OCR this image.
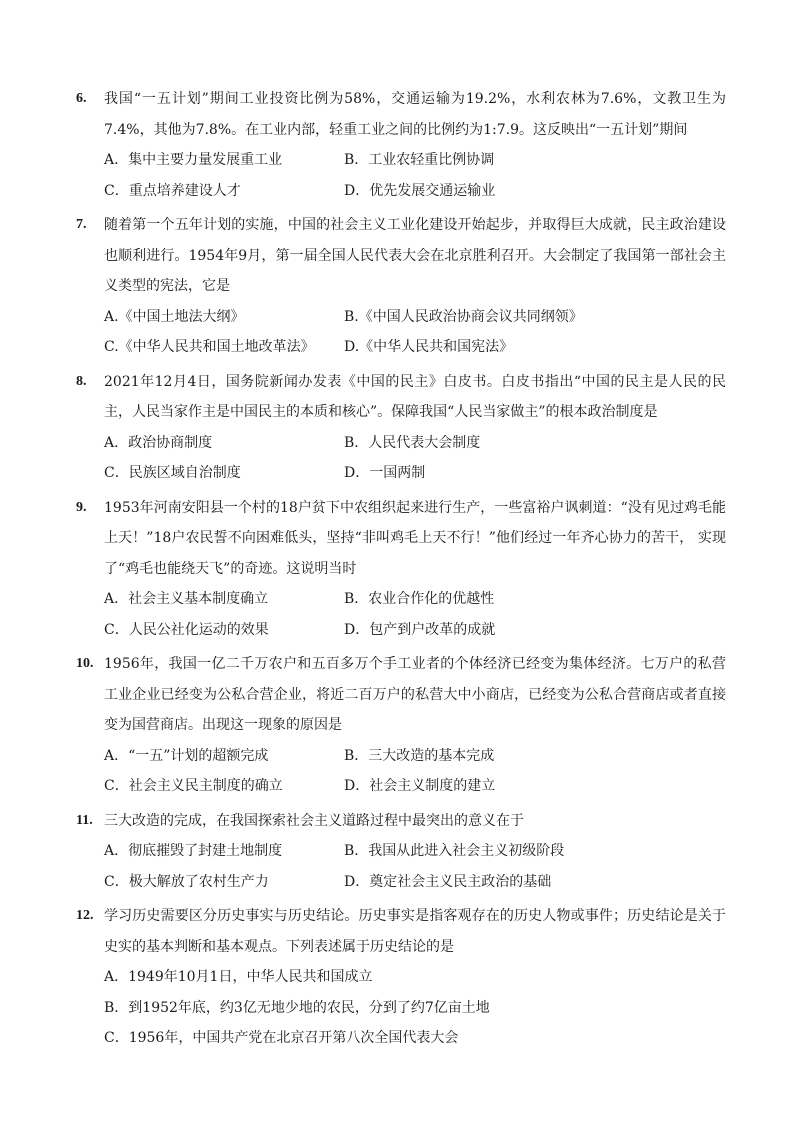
6. 我国“一五计划”期间工业投资比例为58%，交通运输为19.2%，水利农林为7.6%，文教卫生为7.4%，其他为7.8%。在工业内部，轻重工业之间的比例约为1:7.9。这反映出“一五计划”期间

A．集中主要力量发展重工业	B．工业农轻重比例协调
C．重点培养建设人才	D．优先发展交通运输业
7. 随着第一个五年计划的实施，中国的社会主义工业化建设开始起步，并取得巨大成就，民主政治建设也顺利进行。1954年9月，第一届全国人民代表大会在北京胜利召开。大会制定了我国第一部社会主义类型的宪法，它是

A.《中国土地法大纲》	B.《中国人民政治协商会议共同纲领》
C.《中华人民共和国土地改革法》	D.《中华人民共和国宪法》
8. 2021年12月4日，国务院新闻办发表《中国的民主》白皮书。白皮书指出“中国的民主是人民的民主，人民当家作主是中国民主的本质和核心”。保障我国“人民当家做主”的根本政治制度是

A．政治协商制度	B．人民代表大会制度
C．民族区域自治制度	D．一国两制
9. 1953年河南安阳县一个村的18户贫下中农组织起来进行生产，一些富裕户讽刺道：“没有见过鸡毛能上天！”18户农民誓不向困难低头，坚持“非叫鸡毛上天不行！”他们经过一年齐心协力的苦干， 实现了“鸡毛也能绕天飞”的奇迹。这说明当时

A．社会主义基本制度确立	B．农业合作化的优越性
C．人民公社化运动的效果	D．包产到户改革的成就
10. 1956年，我国一亿二千万农户和五百多万个手工业者的个体经济已经变为集体经济。七万户的私营工业企业已经变为公私合营企业，将近二百万户的私营大中小商店，已经变为公私合营商店或者直接变为国营商店。出现这一现象的原因是

A．“一五”计划的超额完成	B．三大改造的基本完成
C．社会主义民主制度的确立	D．社会主义制度的建立
11. 三大改造的完成，在我国探索社会主义道路过程中最突出的意义在于

A．彻底摧毁了封建土地制度	B．我国从此进入社会主义初级阶段
C．极大解放了农村生产力	D．奠定社会主义民主政治的基础
12. 学习历史需要区分历史事实与历史结论。历史事实是指客观存在的历史人物或事件；历史结论是关于史实的基本判断和基本观点。下列表述属于历史结论的是

A．1949年10月1日，中华人民共和国成立
B．到1952年底，约3亿无地少地的农民，分到了约7亿亩土地
C．1956年，中国共产党在北京召开第八次全国代表大会
